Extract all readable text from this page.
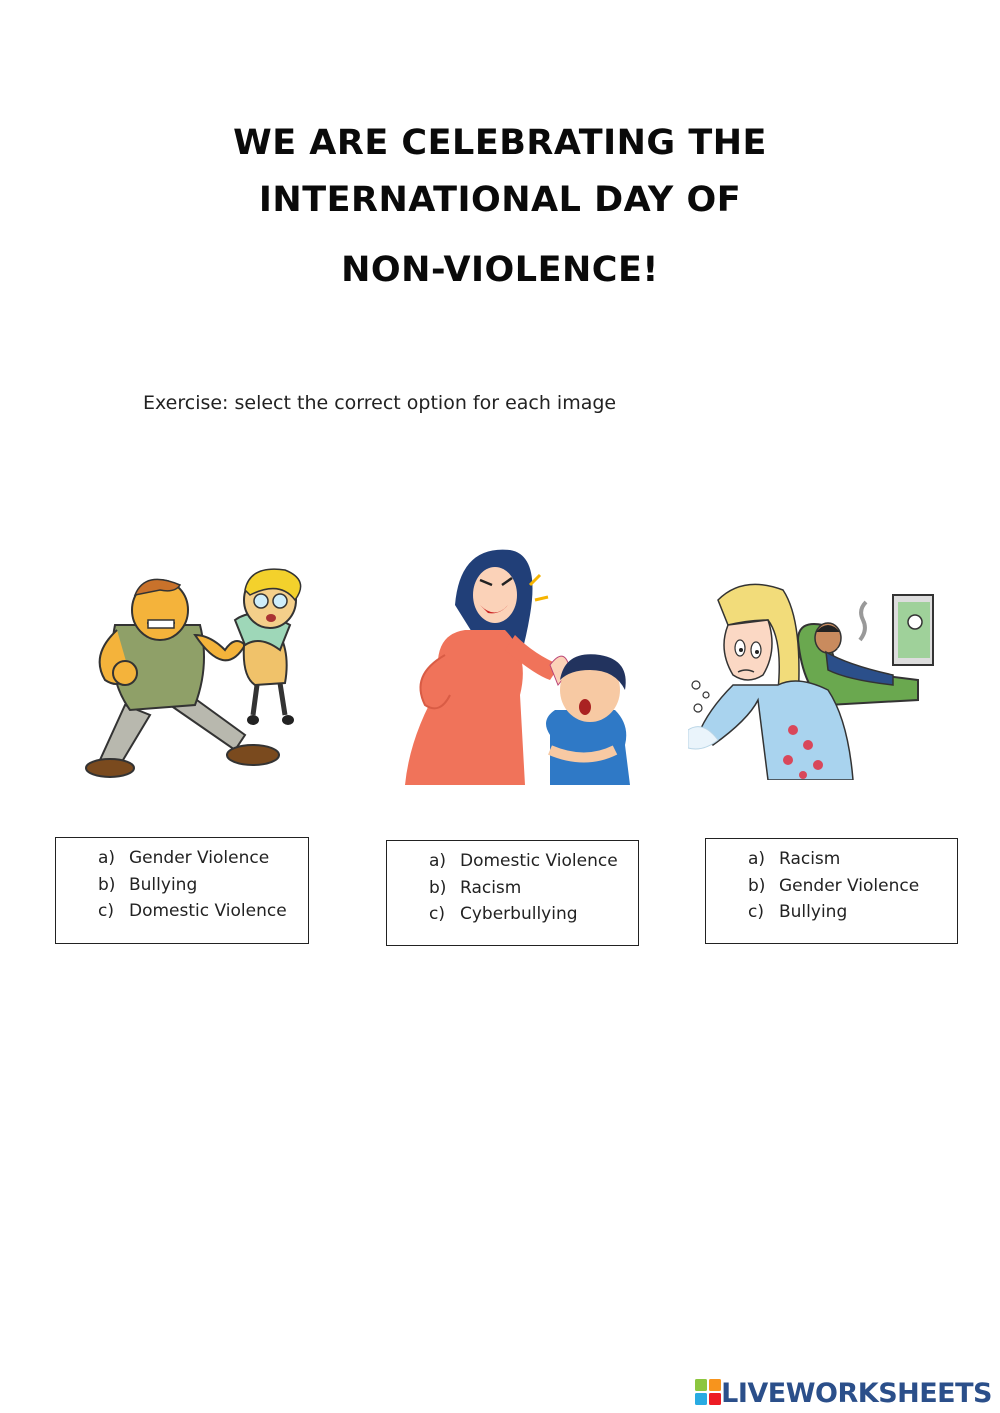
WE ARE CELEBRATING THE
INTERNATIONAL DAY OF
NON-VIOLENCE!
Exercise: select the correct option for each image
a) Gender Violence
b) Bullying
c) Domestic Violence
a) Domestic Violence
b) Racism
c) Cyberbullying
a) Racism
b) Gender Violence
c) Bullying
LIVEWORKSHEETS
